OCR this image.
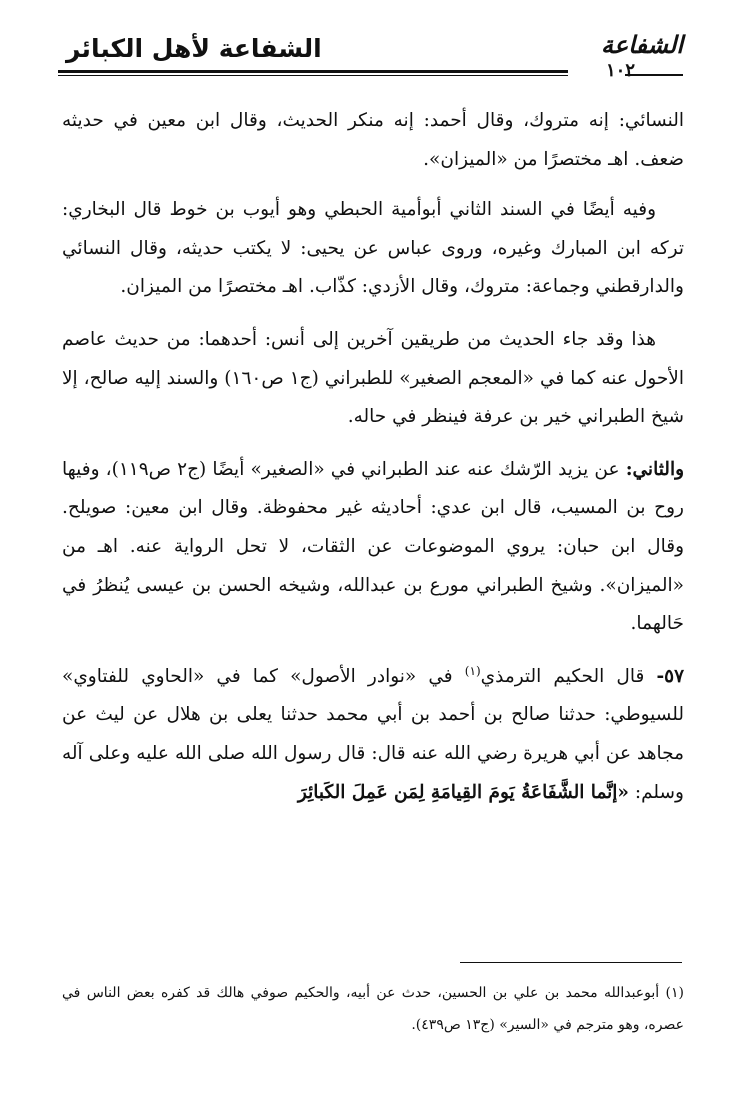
الشفاعة
١٠٢
الشفاعة لأهل الكبائر

النسائي: إنه متروك، وقال أحمد: إنه منكر الحديث، وقال ابن معين في حديثه ضعف. اهـ مختصرًا من «الميزان».

وفيه أيضًا في السند الثاني أبوأمية الحبطي وهو أيوب بن خوط قال البخاري: تركه ابن المبارك وغيره، وروى عباس عن يحيى: لا يكتب حديثه، وقال النسائي والدارقطني وجماعة: متروك، وقال الأزدي: كذّاب. اهـ مختصرًا من الميزان.

هذا وقد جاء الحديث من طريقين آخرين إلى أنس: أحدهما: من حديث عاصم الأحول عنه كما في «المعجم الصغير» للطبراني (ج١ ص١٦٠) والسند إليه صالح، إلا شيخ الطبراني خير بن عرفة فينظر في حاله.

والثاني: عن يزيد الرّشك عنه عند الطبراني في «الصغير» أيضًا (ج٢ ص١١٩)، وفيها روح بن المسيب، قال ابن عدي: أحاديثه غير محفوظة. وقال ابن معين: صويلح. وقال ابن حبان: يروي الموضوعات عن الثقات، لا تحل الرواية عنه. اهـ من «الميزان». وشيخ الطبراني مورع بن عبدالله، وشيخه الحسن بن عيسى يُنظرُ في حَالهما.

٥٧- قال الحكيم الترمذي$^{(١)}$ في «نوادر الأصول» كما في «الحاوي للفتاوي» للسيوطي: حدثنا صالح بن أحمد بن أبي محمد حدثنا يعلى بن هلال عن ليث عن مجاهد عن أبي هريرة رضي الله عنه قال: قال رسول الله صلى الله عليه وعلى آله وسلم: «إنَّما الشَّفَاعَةُ يَومَ القِيامَةِ لِمَن عَمِلَ الكَبائِرَ

(١) أبوعبدالله محمد بن علي بن الحسين، حدث عن أبيه، والحكيم صوفي هالك قد كفره بعض الناس في عصره، وهو مترجم في «السير» (ج١٣ ص٤٣٩).
